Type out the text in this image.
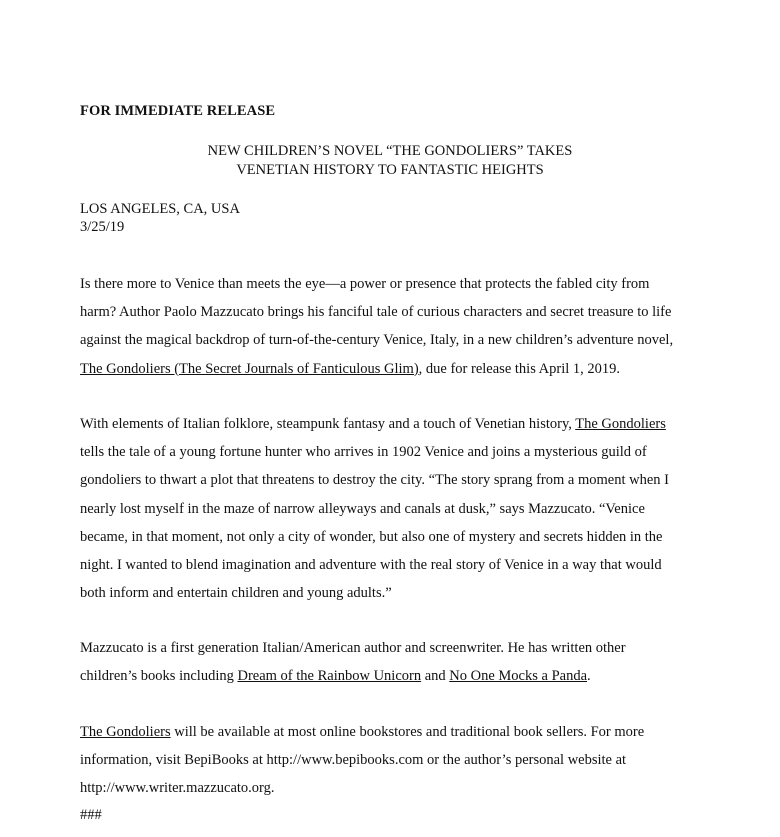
FOR IMMEDIATE RELEASE
NEW CHILDREN’S NOVEL “THE GONDOLIERS” TAKES
VENETIAN HISTORY TO FANTASTIC HEIGHTS
LOS ANGELES, CA, USA
3/25/19

Is there more to Venice than meets the eye—a power or presence that protects the fabled city from
harm? Author Paolo Mazzucato brings his fanciful tale of curious characters and secret treasure to life
against the magical backdrop of turn-of-the-century Venice, Italy, in a new children’s adventure novel,
The Gondoliers (The Secret Journals of Fanticulous Glim), due for release this April 1, 2019.

With elements of Italian folklore, steampunk fantasy and a touch of Venetian history, The Gondoliers
tells the tale of a young fortune hunter who arrives in 1902 Venice and joins a mysterious guild of
gondoliers to thwart a plot that threatens to destroy the city. “The story sprang from a moment when I
nearly lost myself in the maze of narrow alleyways and canals at dusk,” says Mazzucato. “Venice
became, in that moment, not only a city of wonder, but also one of mystery and secrets hidden in the
night. I wanted to blend imagination and adventure with the real story of Venice in a way that would
both inform and entertain children and young adults.”

Mazzucato is a first generation Italian/American author and screenwriter. He has written other
children’s books including Dream of the Rainbow Unicorn and No One Mocks a Panda.

The Gondoliers will be available at most online bookstores and traditional book sellers. For more
information, visit BepiBooks at http://www.bepibooks.com or the author’s personal website at
http://www.writer.mazzucato.org.

###
